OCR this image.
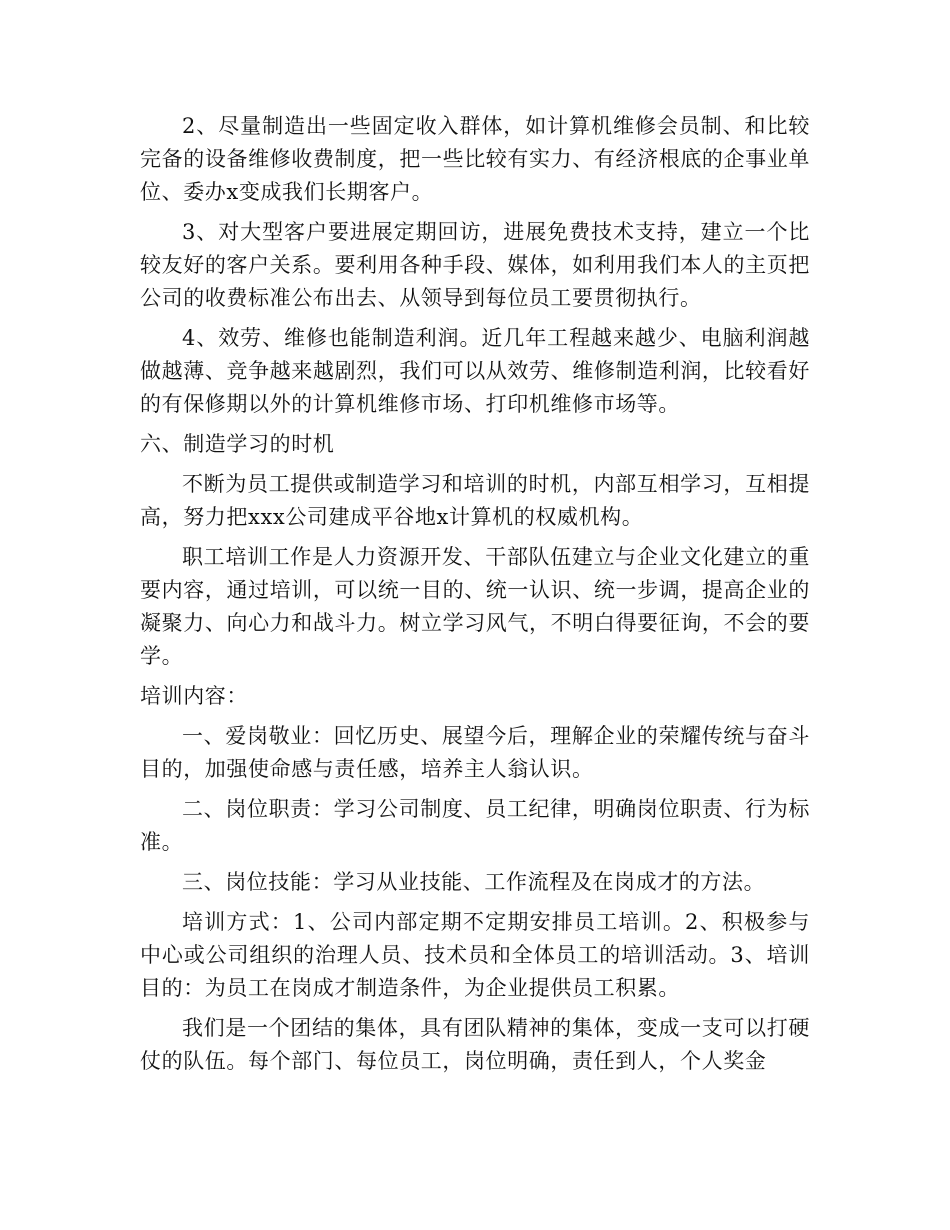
2、尽量制造出一些固定收入群体，如计算机维修会员制、和比较完备的设备维修收费制度，把一些比较有实力、有经济根底的企事业单位、委办x变成我们长期客户。

3、对大型客户要进展定期回访，进展免费技术支持，建立一个比较友好的客户关系。要利用各种手段、媒体，如利用我们本人的主页把公司的收费标准公布出去、从领导到每位员工要贯彻执行。

4、效劳、维修也能制造利润。近几年工程越来越少、电脑利润越做越薄、竞争越来越剧烈，我们可以从效劳、维修制造利润，比较看好的有保修期以外的计算机维修市场、打印机维修市场等。

六、制造学习的时机

不断为员工提供或制造学习和培训的时机，内部互相学习，互相提高，努力把xxx公司建成平谷地x计算机的权威机构。

职工培训工作是人力资源开发、干部队伍建立与企业文化建立的重要内容，通过培训，可以统一目的、统一认识、统一步调，提高企业的凝聚力、向心力和战斗力。树立学习风气，不明白得要征询，不会的要学。

培训内容：

一、爱岗敬业：回忆历史、展望今后，理解企业的荣耀传统与奋斗目的，加强使命感与责任感，培养主人翁认识。

二、岗位职责：学习公司制度、员工纪律，明确岗位职责、行为标准。

三、岗位技能：学习从业技能、工作流程及在岗成才的方法。

培训方式：1、公司内部定期不定期安排员工培训。2、积极参与中心或公司组织的治理人员、技术员和全体员工的培训活动。3、培训目的：为员工在岗成才制造条件，为企业提供员工积累。

我们是一个团结的集体，具有团队精神的集体，变成一支可以打硬仗的队伍。每个部门、每位员工，岗位明确，责任到人，个人奖金
